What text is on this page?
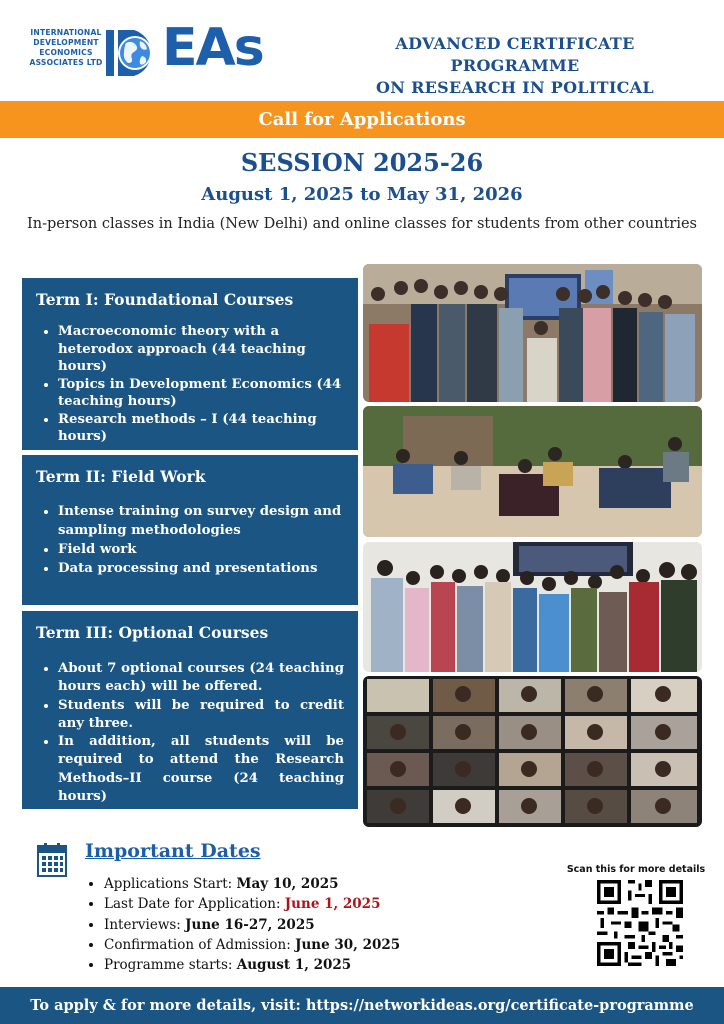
INTERNATIONAL
DEVELOPMENT
ECONOMICS
ASSOCIATES LTD EAs	ADVANCED CERTIFICATE PROGRAMME
ON RESEARCH IN POLITICAL
Call for Applications
SESSION 2025-26
August 1, 2025 to May 31, 2026
In-person classes in India (New Delhi) and online classes for students from other countries
Term I: Foundational Courses
• Macroeconomic theory with a heterodox approach (44 teaching hours)
• Topics in Development Economics (44 teaching hours)
• Research methods – I (44 teaching hours)
Term II: Field Work
• Intense training on survey design and sampling methodologies
• Field work
• Data processing and presentations
Term III: Optional Courses
• About 7 optional courses (24 teaching hours each) will be offered.
• Students will be required to credit any three.
• In addition, all students will be required to attend the Research Methods–II course (24 teaching hours)
Important Dates
• Applications Start: May 10, 2025
• Last Date for Application: June 1, 2025
• Interviews: June 16-27, 2025
• Confirmation of Admission: June 30, 2025
• Programme starts: August 1, 2025
Scan this for more details
To apply & for more details, visit: https://networkideas.org/certificate-programme
